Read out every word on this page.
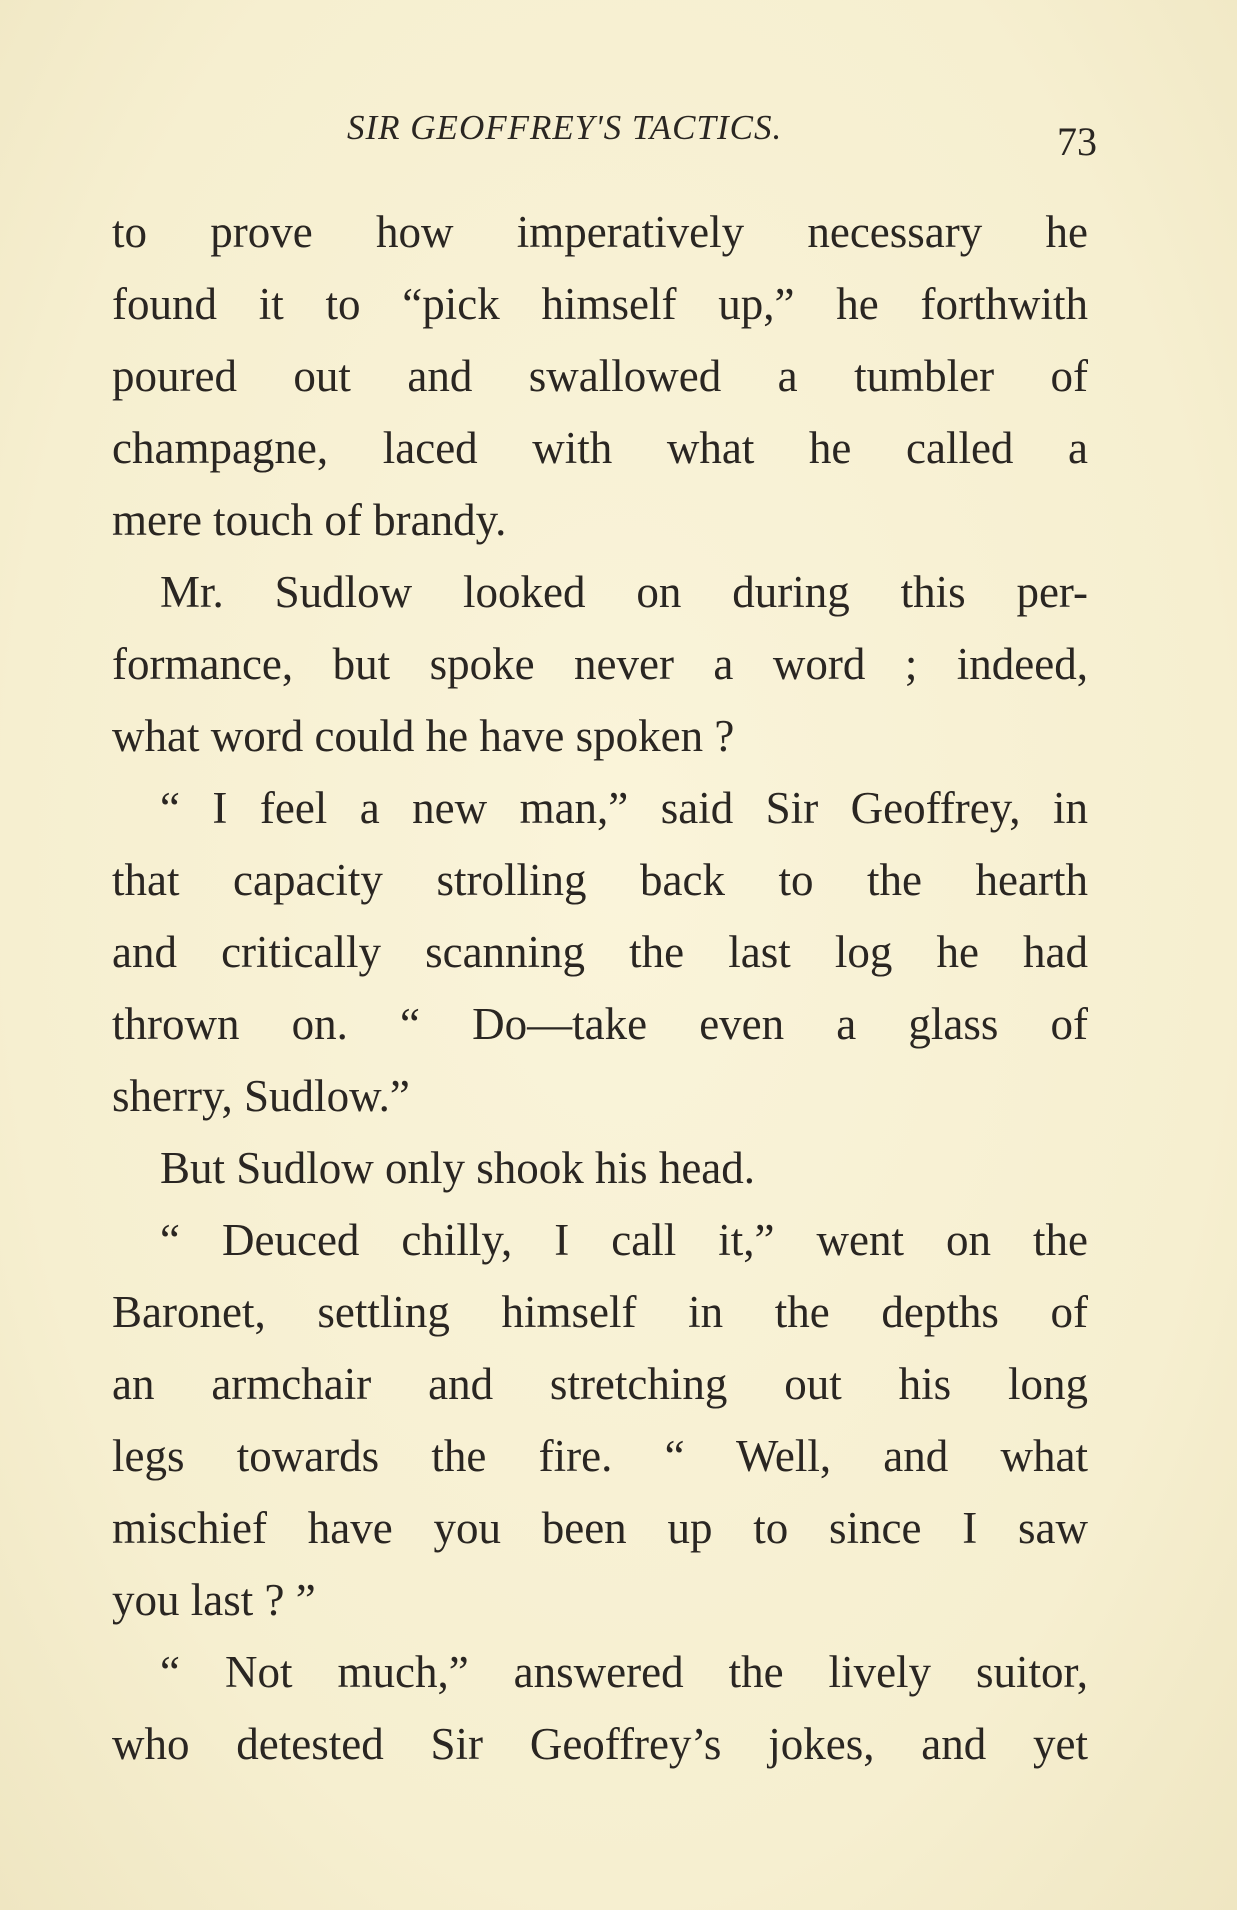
SIR GEOFFREY'S TACTICS.	73
to prove how imperatively necessary he
found it to “pick himself up,” he forthwith
poured out and swallowed a tumbler of
champagne, laced with what he called a
mere touch of brandy.
Mr. Sudlow looked on during this per-
formance, but spoke never a word ; indeed,
what word could he have spoken ?
“ I feel a new man,” said Sir Geoffrey, in
that capacity strolling back to the hearth
and critically scanning the last log he had
thrown on. “ Do—take even a glass of
sherry, Sudlow.”
But Sudlow only shook his head.
“ Deuced chilly, I call it,” went on the
Baronet, settling himself in the depths of
an armchair and stretching out his long
legs towards the fire. “ Well, and what
mischief have you been up to since I saw
you last ? ”
“ Not much,” answered the lively suitor,
who detested Sir Geoffrey’s jokes, and yet
